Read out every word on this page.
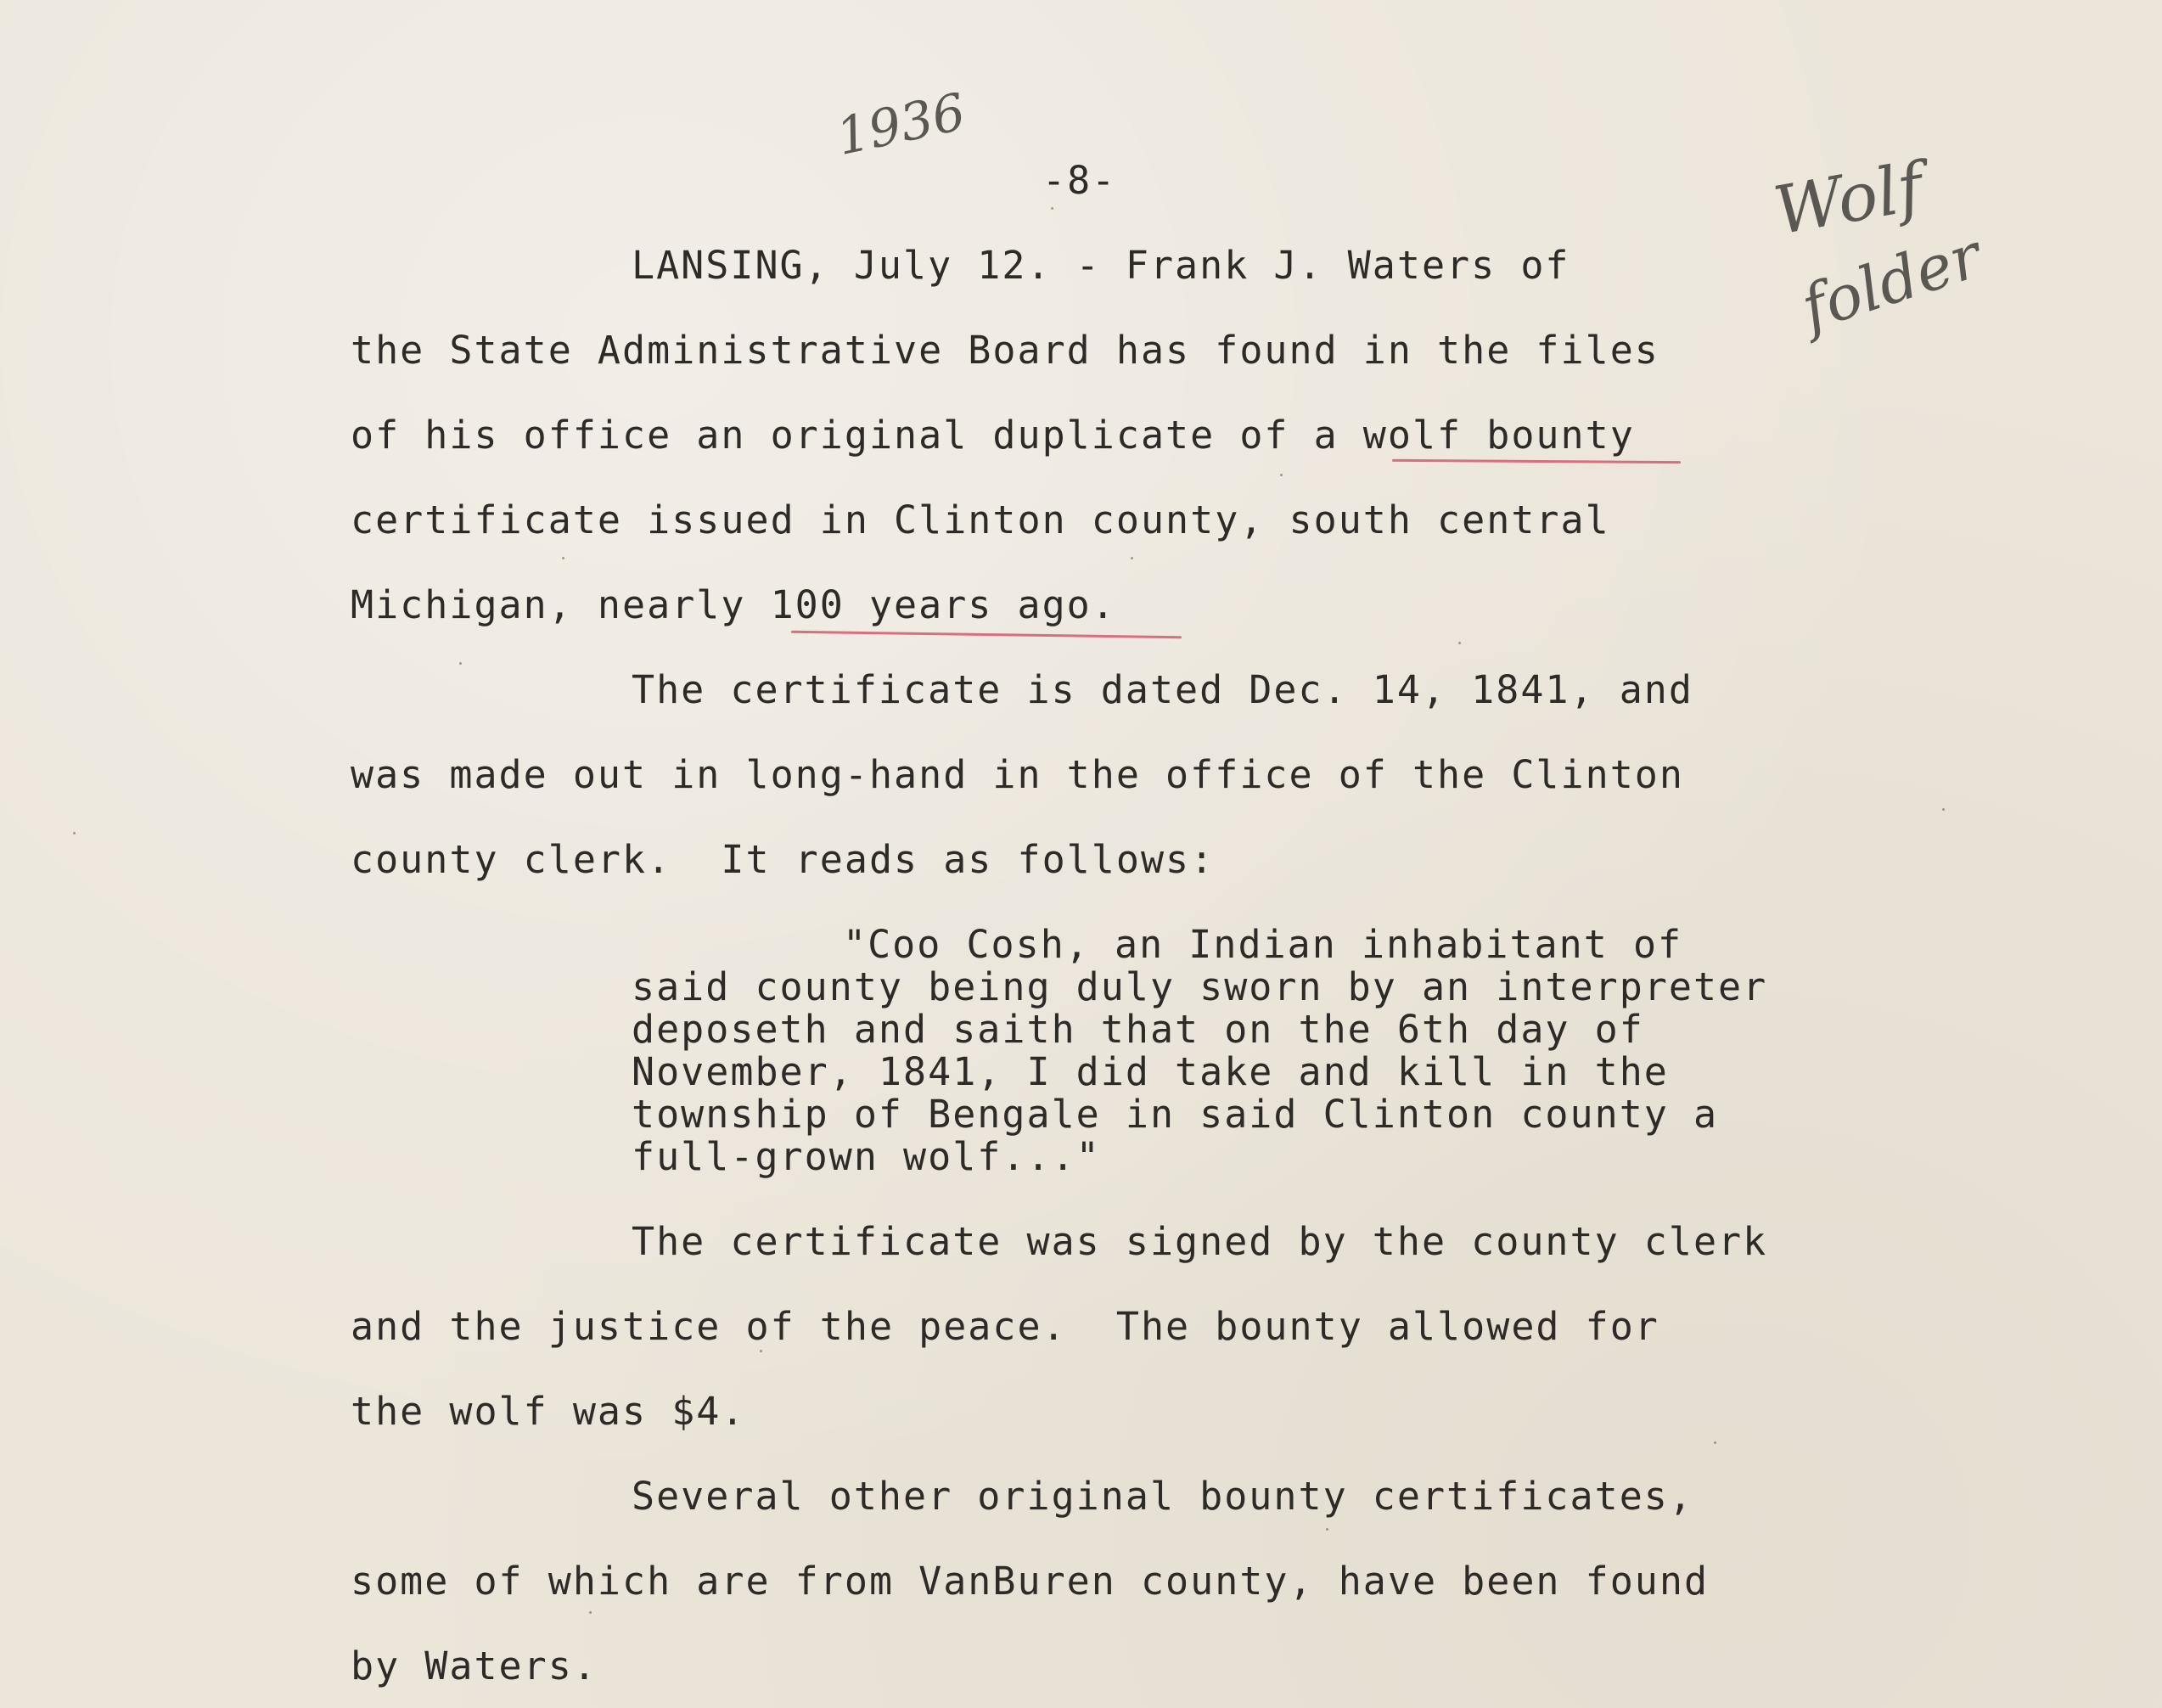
1936
Wolf
folder
-8-
LANSING, July 12. - Frank J. Waters of
the State Administrative Board has found in the files
of his office an original duplicate of a wolf bounty
certificate issued in Clinton county, south central
Michigan, nearly 100 years ago.
The certificate is dated Dec. 14, 1841, and
was made out in long-hand in the office of the Clinton
county clerk.  It reads as follows:
"Coo Cosh, an Indian inhabitant of
said county being duly sworn by an interpreter
deposeth and saith that on the 6th day of
November, 1841, I did take and kill in the
township of Bengale in said Clinton county a
full-grown wolf..."
The certificate was signed by the county clerk
and the justice of the peace.  The bounty allowed for
the wolf was $4.
Several other original bounty certificates,
some of which are from VanBuren county, have been found
by Waters.
